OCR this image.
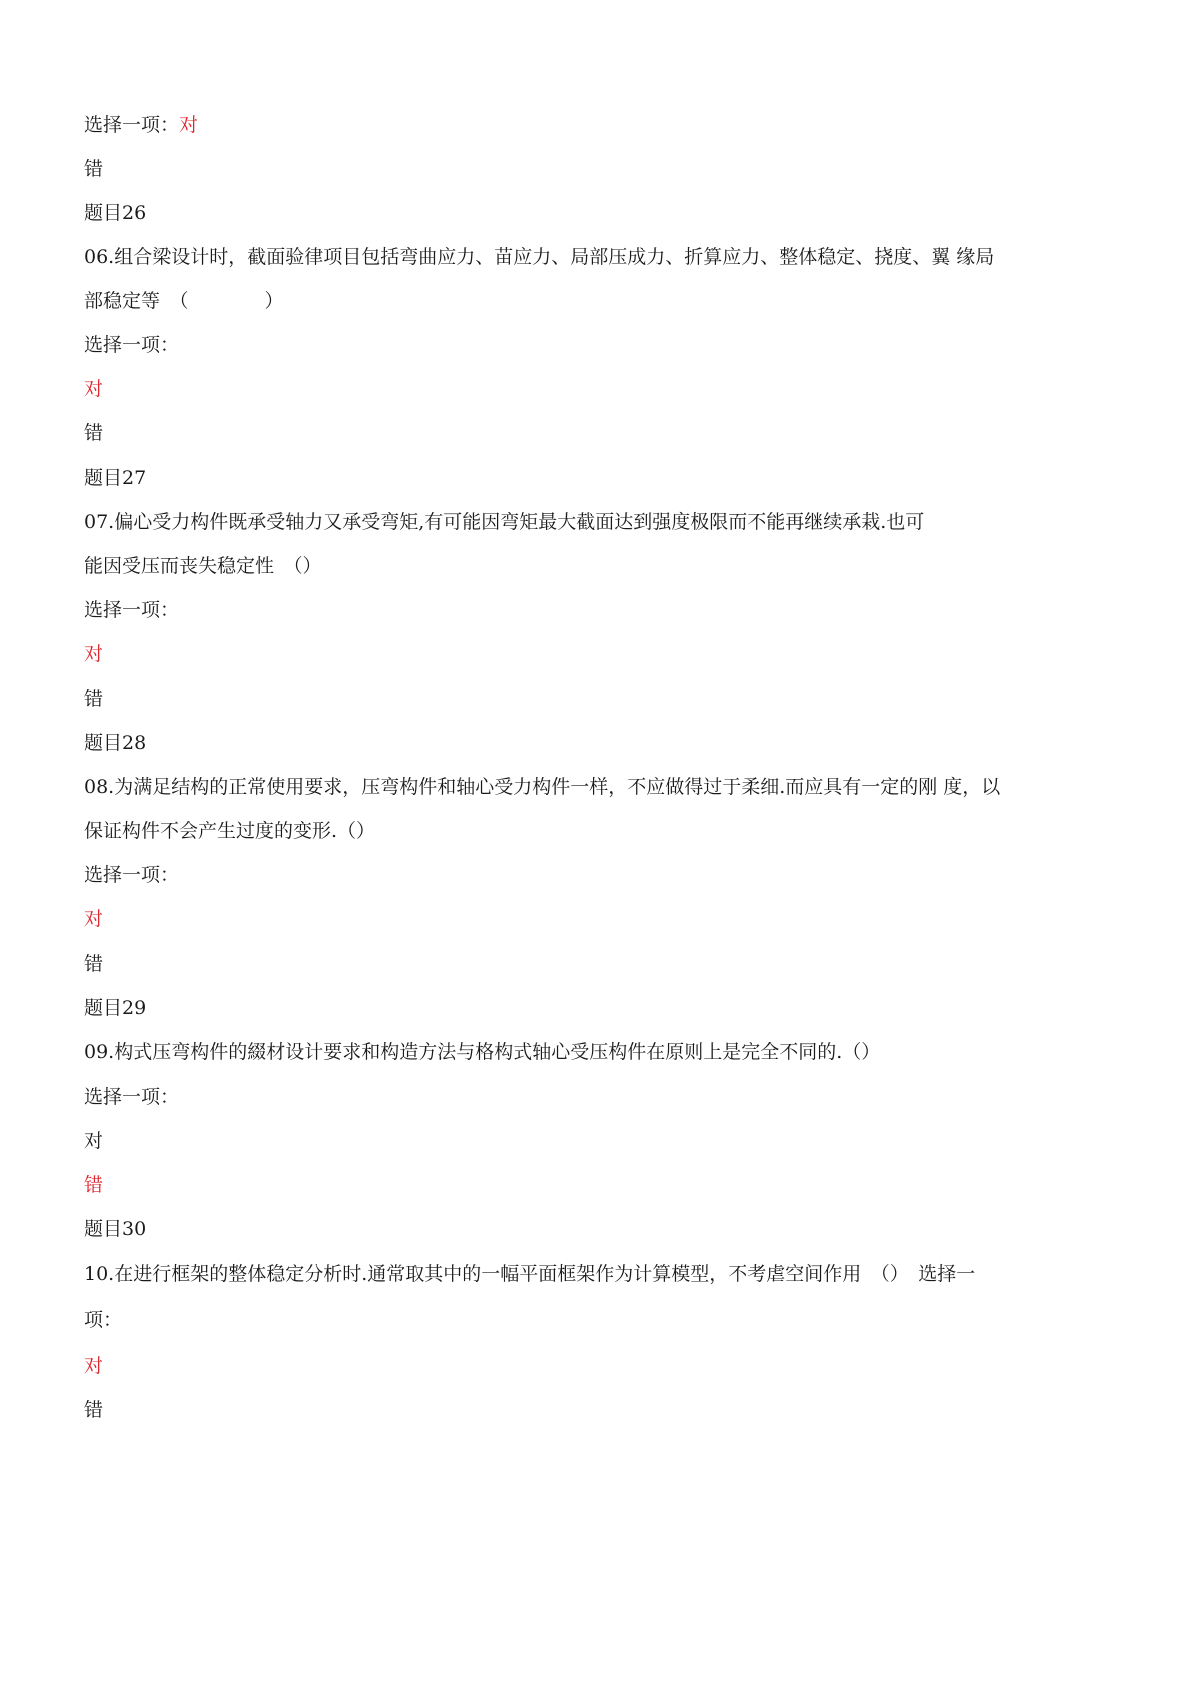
选择一项：对
错
题目26
06.组合梁设计时，截面验律项目包括弯曲应力、苗应力、局部压成力、折算应力、整体稳定、挠度、翼 缘局
部稳定等　（　　　　）
选择一项：
对
错
题目27
07.偏心受力构件既承受轴力又承受弯矩,有可能因弯矩最大截面达到强度极限而不能再继续承栽.也可
能因受压而丧失稳定性　（）
选择一项：
对
错
题目28
08.为满足结构的正常使用要求，压弯构件和轴心受力构件一样，不应做得过于柔细.而应具有一定的刚 度，以
保证构件不会产生过度的变形.（）
选择一项：
对
错
题目29
09.构式压弯构件的綴材设计要求和构造方法与格构式轴心受压构件在原则上是完全不同的.（）
选择一项：
对
错
题目30
10.在进行框架的整体稳定分析时.通常取其中的一幅平面框架作为计算模型，不考虐空间作用　（）　选择一
项：
对
错
